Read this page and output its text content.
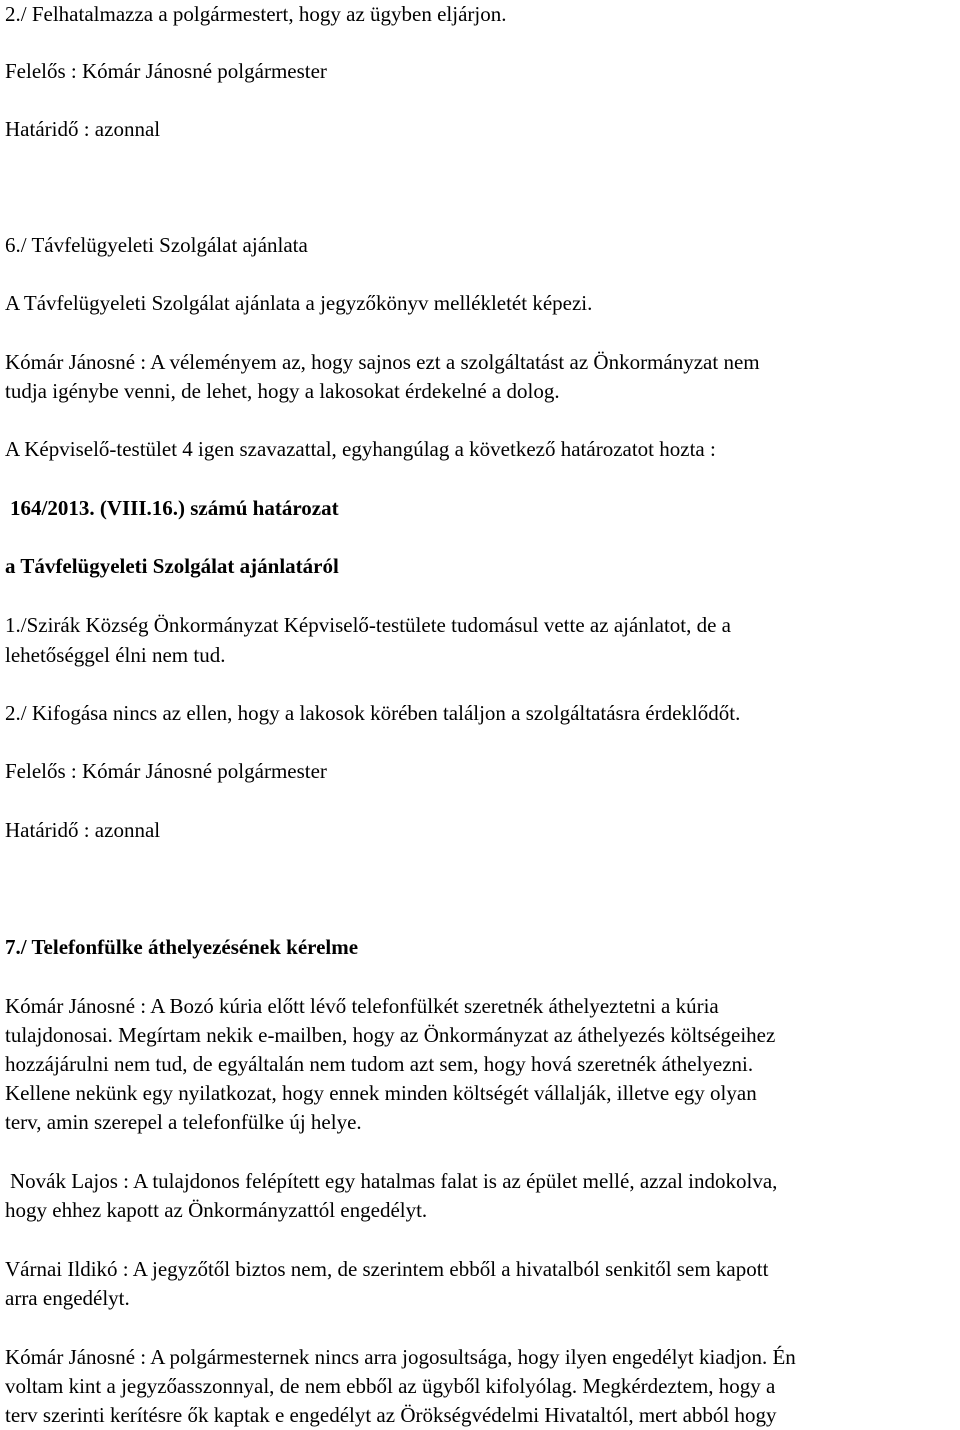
2./ Felhatalmazza a polgármestert, hogy az ügyben eljárjon.
Felelős : Kómár Jánosné polgármester
Határidő : azonnal
6./ Távfelügyeleti Szolgálat ajánlata
A Távfelügyeleti Szolgálat ajánlata a jegyzőkönyv mellékletét képezi.
Kómár Jánosné : A véleményem az, hogy sajnos ezt a szolgáltatást az Önkormányzat nem
tudja igénybe venni, de lehet, hogy a lakosokat érdekelné a dolog.
A Képviselő-testület 4 igen szavazattal, egyhangúlag a következő határozatot hozta :
164/2013. (VIII.16.) számú határozat
a Távfelügyeleti Szolgálat ajánlatáról
1./Szirák Község Önkormányzat Képviselő-testülete tudomásul vette az ajánlatot, de a
lehetőséggel élni nem tud.
2./ Kifogása nincs az ellen, hogy a lakosok körében találjon a szolgáltatásra érdeklődőt.
Felelős : Kómár Jánosné polgármester
Határidő : azonnal
7./ Telefonfülke áthelyezésének kérelme
Kómár Jánosné : A Bozó kúria előtt lévő telefonfülkét szeretnék áthelyeztetni a kúria
tulajdonosai. Megírtam nekik e-mailben, hogy az Önkormányzat az áthelyezés költségeihez
hozzájárulni nem tud, de egyáltalán nem tudom azt sem, hogy hová szeretnék áthelyezni.
Kellene nekünk egy nyilatkozat, hogy ennek minden költségét vállalják, illetve egy olyan
terv, amin szerepel a telefonfülke új helye.
Novák Lajos : A tulajdonos felépített egy hatalmas falat is az épület mellé, azzal indokolva,
hogy ehhez kapott az Önkormányzattól engedélyt.
Várnai Ildikó : A jegyzőtől biztos nem, de szerintem ebből a hivatalból senkitől sem kapott
arra engedélyt.
Kómár Jánosné : A polgármesternek nincs arra jogosultsága, hogy ilyen engedélyt kiadjon. Én
voltam kint a jegyzőasszonnyal, de nem ebből az ügyből kifolyólag. Megkérdeztem, hogy a
terv szerinti kerítésre ők kaptak e engedélyt az Örökségvédelmi Hivataltól, mert abból hogy
